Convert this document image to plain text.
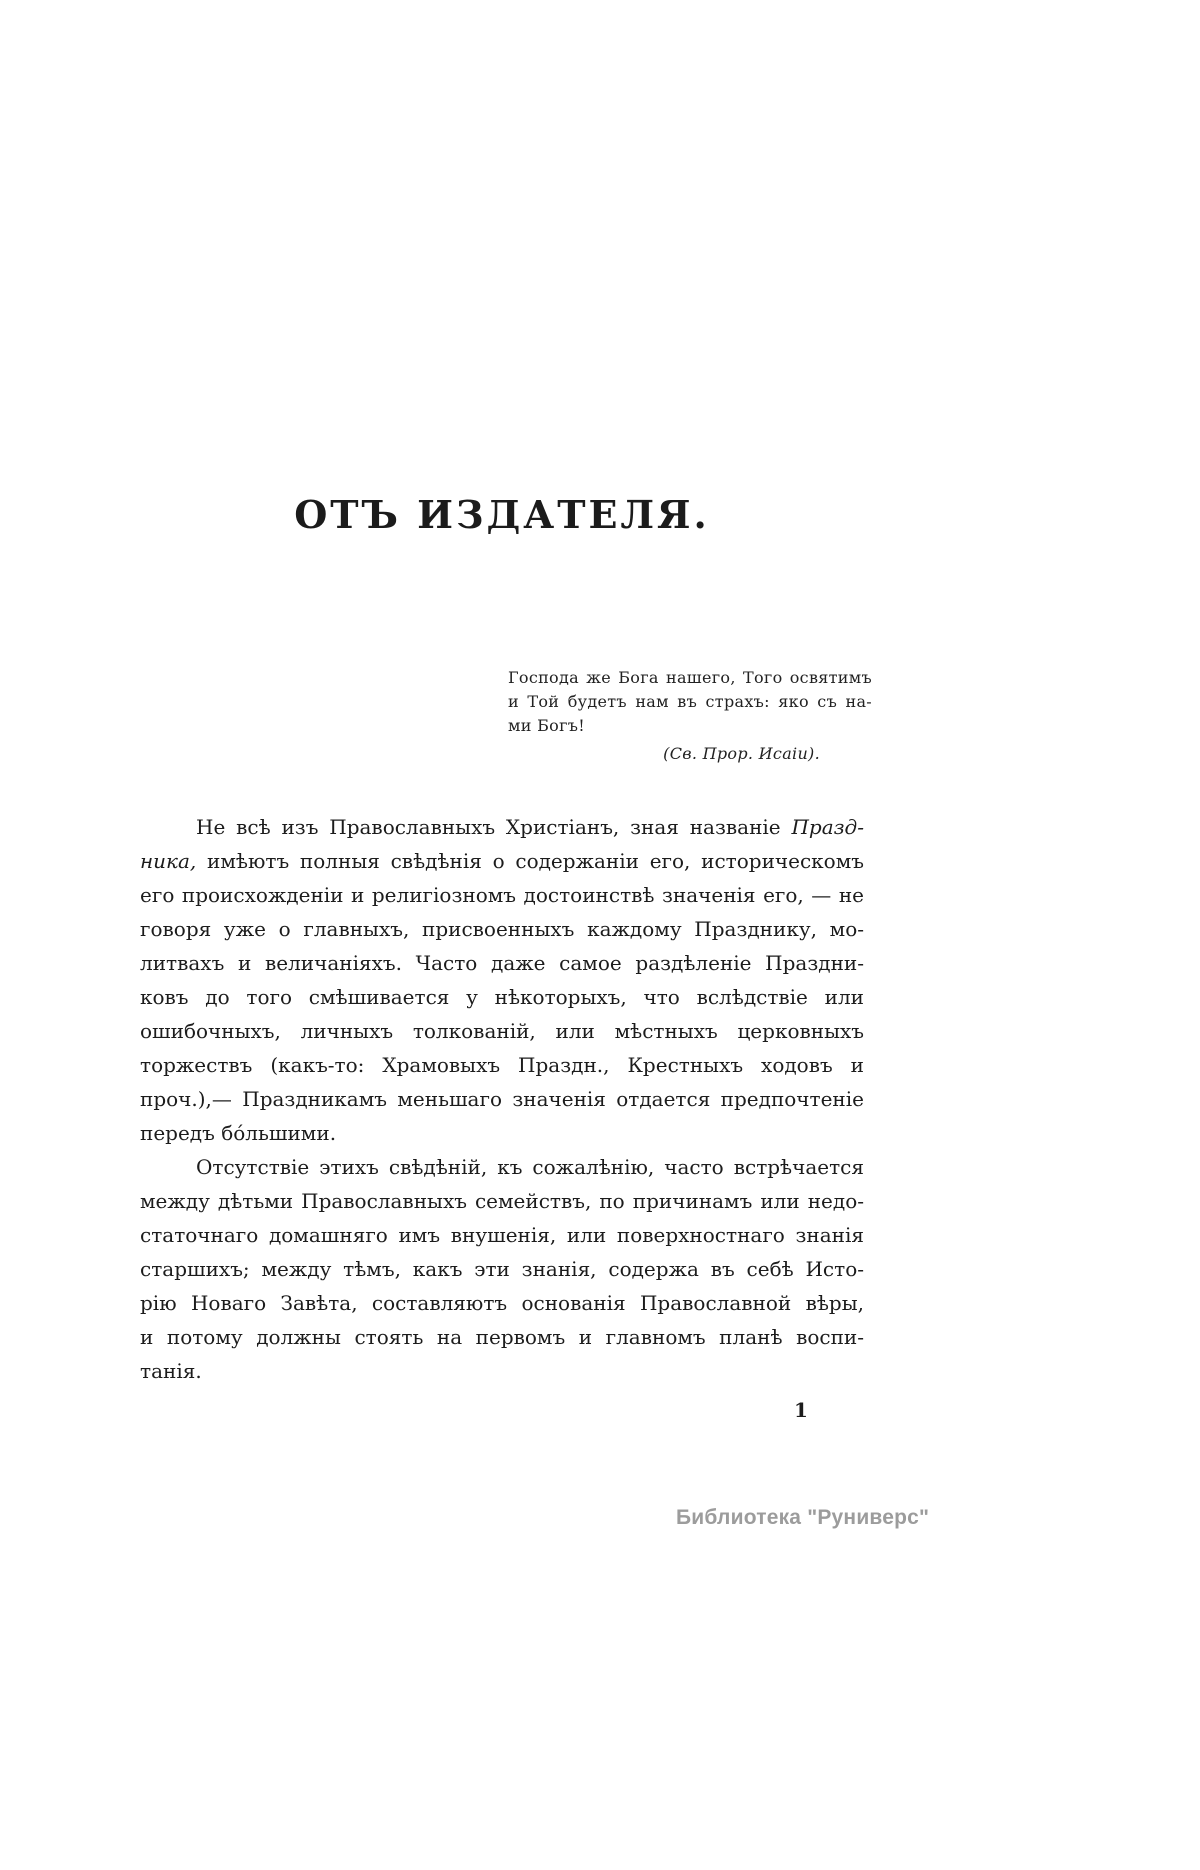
ОТЪ ИЗДАТЕЛЯ.
Господа же Бога нашего, Того освятимъ
и Той будетъ нам въ страхъ: яко съ на-
ми Богъ!
(Св. Прор. Исаіи).
Не всѣ изъ Православныхъ Христіанъ, зная названіе Празд-
ника, имѣютъ полныя свѣдѣнія о содержаніи его, историческомъ
его происхожденіи и религіозномъ достоинствѣ значенія его, — не
говоря уже о главныхъ, присвоенныхъ каждому Празднику, мо-
литвахъ и величаніяхъ. Часто даже самое раздѣленіе Праздни-
ковъ до того смѣшивается у нѣкоторыхъ, что вслѣдствіе или
ошибочныхъ, личныхъ толкованій, или мѣстныхъ церковныхъ
торжествъ (какъ-то: Храмовыхъ Праздн., Крестныхъ ходовъ и
проч.),— Праздникамъ меньшаго значенія отдается предпочтеніе
передъ бо́льшими.
Отсутствіе этихъ свѣдѣній, къ сожалѣнію, часто встрѣчается
между дѣтьми Православныхъ семействъ, по причинамъ или недо-
статочнаго домашняго имъ внушенія, или поверхностнаго знанія
старшихъ; между тѣмъ, какъ эти знанія, содержа въ себѣ Исто-
рію Новаго Завѣта, составляютъ основанія Православной вѣры,
и потому должны стоять на первомъ и главномъ планѣ воспи-
танія.
1
Библиотека "Руниверс"
